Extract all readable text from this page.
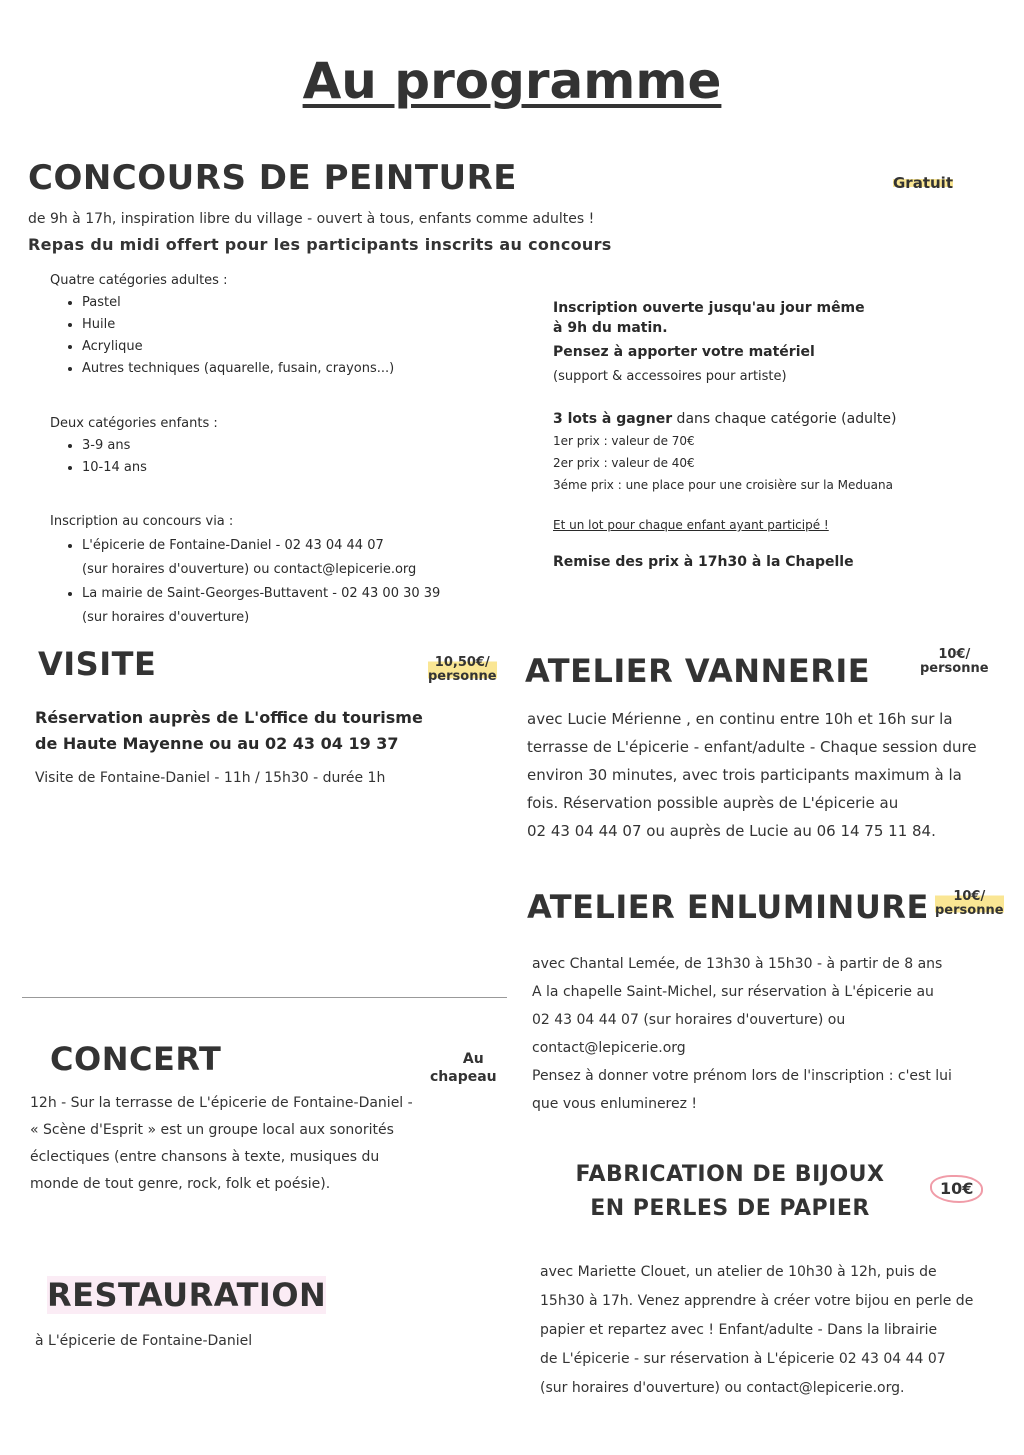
Au programme
CONCOURS DE PEINTURE	Gratuit
de 9h à 17h, inspiration libre du village - ouvert à tous, enfants comme adultes !
Repas du midi offert pour les participants inscrits au concours
Quatre catégories adultes :
• Pastel
• Huile
• Acrylique
• Autres techniques (aquarelle, fusain, crayons...)
Deux catégories enfants :
• 3-9 ans
• 10-14 ans
Inscription au concours via :
• L'épicerie de Fontaine-Daniel - 02 43 04 44 07
(sur horaires d'ouverture) ou contact@lepicerie.org
• La mairie de Saint-Georges-Buttavent - 02 43 00 30 39
(sur horaires d'ouverture)
Inscription ouverte jusqu'au jour même
à 9h du matin.
Pensez à apporter votre matériel
(support & accessoires pour artiste)
3 lots à gagner dans chaque catégorie (adulte)
1er prix : valeur de 70€
2er prix : valeur de 40€
3éme prix : une place pour une croisière sur la Meduana
Et un lot pour chaque enfant ayant participé !
Remise des prix à 17h30 à la Chapelle
VISITE	10,50€/
personne
Réservation auprès de L'office du tourisme
de Haute Mayenne ou au 02 43 04 19 37
Visite de Fontaine-Daniel - 11h / 15h30 - durée 1h
ATELIER VANNERIE	10€/
personne
avec Lucie Mérienne , en continu entre 10h et 16h sur la
terrasse de L'épicerie - enfant/adulte - Chaque session dure
environ 30 minutes, avec trois participants maximum à la
fois. Réservation possible auprès de L'épicerie au
02 43 04 44 07 ou auprès de Lucie au 06 14 75 11 84.
ATELIER ENLUMINURE	10€/
personne
avec Chantal Lemée, de 13h30 à 15h30 - à partir de 8 ans
A la chapelle Saint-Michel, sur réservation à L'épicerie au
02 43 04 44 07 (sur horaires d'ouverture) ou
contact@lepicerie.org
Pensez à donner votre prénom lors de l'inscription : c'est lui
que vous enluminerez !
CONCERT	Au
chapeau
12h - Sur la terrasse de L'épicerie de Fontaine-Daniel -
« Scène d'Esprit » est un groupe local aux sonorités
éclectiques (entre chansons à texte, musiques du
monde de tout genre, rock, folk et poésie).	FABRICATION DE BIJOUX
EN PERLES DE PAPIER
10€
avec Mariette Clouet, un atelier de 10h30 à 12h, puis de
15h30 à 17h. Venez apprendre à créer votre bijou en perle de
papier et repartez avec ! Enfant/adulte - Dans la librairie
de L'épicerie - sur réservation à L'épicerie 02 43 04 44 07
(sur horaires d'ouverture) ou contact@lepicerie.org.
RESTAURATION
à L'épicerie de Fontaine-Daniel
